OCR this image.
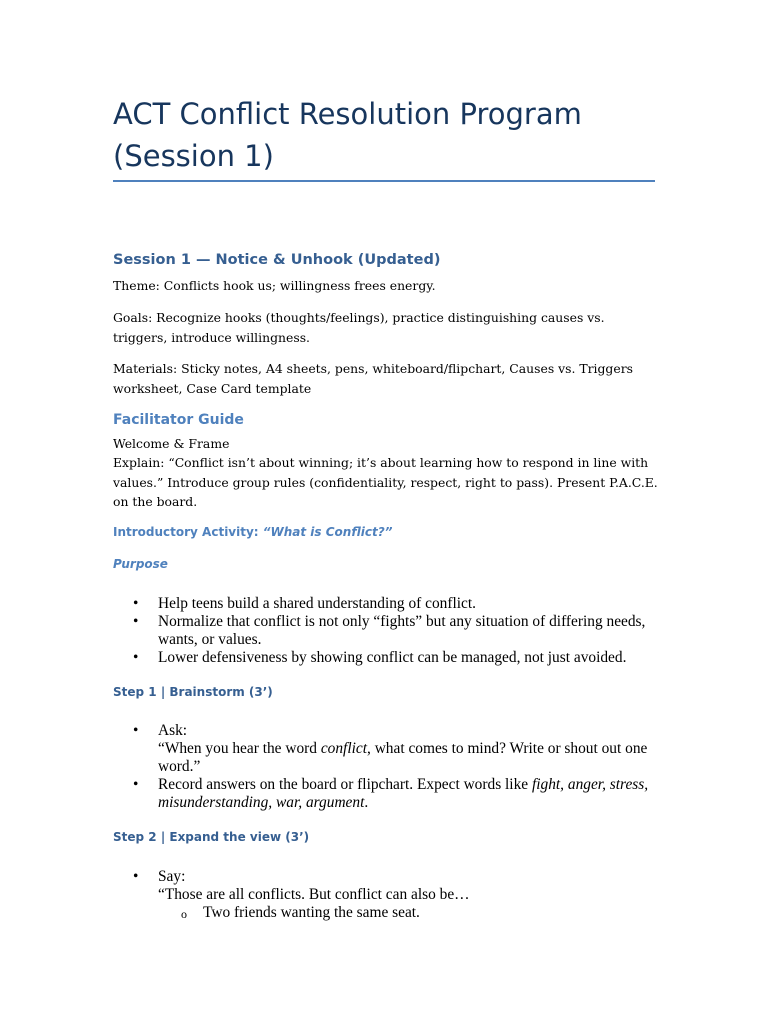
ACT Conflict Resolution Program
(Session 1)
Session 1 — Notice & Unhook (Updated)

Theme: Conflicts hook us; willingness frees energy.

Goals: Recognize hooks (thoughts/feelings), practice distinguishing causes vs. triggers, introduce willingness.

Materials: Sticky notes, A4 sheets, pens, whiteboard/flipchart, Causes vs. Triggers worksheet, Case Card template

Facilitator Guide

Welcome & Frame

Explain: “Conflict isn’t about winning; it’s about learning how to respond in line with values.” Introduce group rules (confidentiality, respect, right to pass). Present P.A.C.E. on the board.

Introductory Activity: “What is Conflict?”
Purpose
• Help teens build a shared understanding of conflict.
• Normalize that conflict is not only “fights” but any situation of differing needs, wants, or values.
• Lower defensiveness by showing conflict can be managed, not just avoided.
Step 1 | Brainstorm (3’)
• Ask:
“When you hear the word conflict, what comes to mind? Write or shout out one word.”
• Record answers on the board or flipchart. Expect words like fight, anger, stress, misunderstanding, war, argument.
Step 2 | Expand the view (3’)
• Say:
“Those are all conflicts. But conflict can also be…
o Two friends wanting the same seat.
